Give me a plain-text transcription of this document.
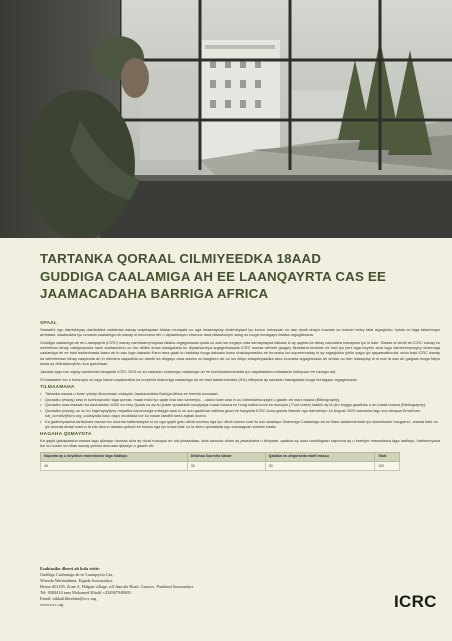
TARTANKA QORAAL CILMIYEEDKA 18AAD
GUDDIGA CAALAMIGA AH EE LAANQAYRTA CAS EE
JAAMACADAHA BARRIGA AFRICA
SPAAL

Samadhi ugu dambeeyay dawladaha caalamka waxay wajahayaan khatar muuqata oo uga imaanaysay shakhsiyaad iyo kooxo hubaysan oo aan dowli ahayn kuwaas oo macan beley falal argagixiso. Iyada oo laga fakarimayo arrintaas, dawladaha iyo ururada caalamiga ah waxay si kororsimo leh u diyaarinayen shuruuc ama tallaabooyin adag oo looga hortagayo falalka argagixisada.

Guddiga caalamiga ah ee Laanqayrta (ICRC) waxay cambaareynaysaa falalka argagixisada iyada oo aan loo eegayn cida samaynaysa falkaas si ay qaybta ka tahay caloolaha hubaysan iyo in kale. Sidaas si lamid ah ICRC waxay ku weheshan tahay nabigooyinka hami sadtamnimo oo loo dhiibo kuwa hawlgalada ku diyaarsaneya argagixisasada ICRC waxaa weheel gaagey fikradaha khaldan ee had iyo jeer laga heyeto ama laga sameeneynayey shareciga caalamiga ah ee bani'aadanimada laaso ah in aan loga dabaalo Kann ama gaab ku badalay looga dabaalo kuwo shaidayneadka ee furcsaha loo soperomaday in ay argagixiiso yihiin iyaga iyo qayaawaltooda. adoo baki ICRC waxay ka weheleshan tahay caayirada ah in meesha caqaafida uu dambi ka dhigayo ama waxba oo taageero ah oo loo fidiyo shaqshiyaadka ama kooxaha argagixisada ah amtao oo harr istaaqday in si mar la aan ah gargaar looga fidiyo kuwa ay dhibaatooyinku soo gaadhaan.

Jawaab laga soo xigtay warbixinta hawgada ICRC 2019 oo ku saabsan shareciga caalamiga ah ee bani'aadamnimada iyo caqabadaha colaadaha hubaysan ee casriga ah).

Si tusaalahe loo u bulanqeo oo laga hadal caqabadaha ka horyimid shareciga caalamiga ah ee bani'aadamnimada (IHL) sifeyada ay saxdaan hawlgalada looga hortagayo argagixisada.

TILMAAMAHA
• Tartanka waxaa u furan yahay dhammaan ardayda Jaamacadaha Barriga Africa ee heerka koowaad.
• Qoraalku (essay) waa in kumbayoutor laga qorraa, maad maxi iyo qaab iraa iran sameeyo, , uadoo kale waa in uu baheadaha qaybi u gaadh ah mad maaca (Bibliography).
• Qoraalku waa inaasan ka badnaadan 4000 oo erey (iyada oo ay ku jiraan qoraalada muujiyaya maad maaca ee hoog walka hoos ka muuqdo ( Foot notes) laakiin ay ku jiro bogga gaadhka u ah maad maaca (Bibliography).
• Qoraalka (essay) oo uu ku Ingeraysyiiyey mayafka soponoolga ardayga waa in uu soo gaadhaa xafiiska guud ee haayada ICRC kuna gaarla Nairobi ugu dambeeyo 14 August 2020 waxaana lagu soo dirayaa Email kan: nai_comdiv@icrc.org ,codsiyada kaso dayo muddada kor ku xusan laadkh lama aqbali doono.
• Ka gaaleeyaasha tartankani waxaa loo doonaa kaftedwayad si uu uga qaybi galo olimb koowso iiga iyo olimb kowso cuai iiu soo saabayo Shareciga Caalamiga ah ee Bani-aadamnimada iyo idaadmanin hacgrand...waxaa kale oo iyo dooraa abaal marino la siin doono labada qofood ee koowo iiga iyo kuwa kale oo la siinro qoraalada ugu wanaagsan waxtan kasta.
HAGAHA QIIMAYNTA

Ka qaybi gabayaasha waxaa lagu qiimayn doonaa sida ay dood macquul ah ula yimaadaan, sida awooda dhaw ay jawaabaha u bixiyaan, qaabka ay uoso bandhigaan sapooria ay u keenijer maraadaica laga hadlayo, habkeenyada kor ku xusan oo dhan waxay yeelan doonaan qiimayn u gaadh ah:

Saponta ay u keydiisin mareekance laga hadlayo	Dhikhsa Xuursha sibsar	Qaabka xa ulegorkeda marfi mascu	Total
40	30	30	100
Ezahtasiku dheeri ah kula xiriir:
Guddiga Caalamiga ah ee Laanqayrta Cas,
Waaxda Warbaahinta, Ergada Soomaaliya,
House #01185, Zone A, Halgan village, off Jimcale Road, Garowe, Puntland Soomaaliya
Tel: 0584410 ama Mohamed Khalif +254907948803
Email: mkhalifibrahim@icrc.org
www.icrc.org	ICRC
